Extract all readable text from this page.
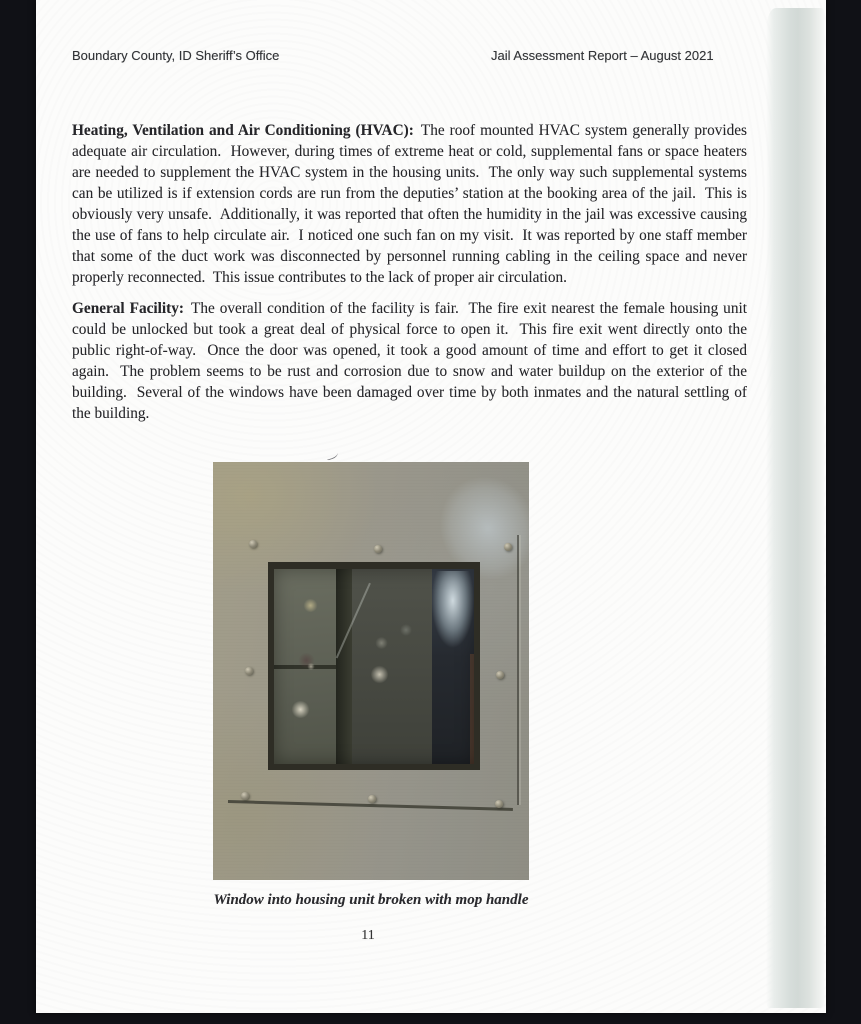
Boundary County, ID Sheriff’s Office	Jail Assessment Report – August 2021

Heating, Ventilation and Air Conditioning (HVAC): The roof mounted HVAC system generally provides adequate air circulation.  However, during times of extreme heat or cold, supplemental fans or space heaters are needed to supplement the HVAC system in the housing units.  The only way such supplemental systems can be utilized is if extension cords are run from the deputies’ station at the booking area of the jail.  This is obviously very unsafe.  Additionally, it was reported that often the humidity in the jail was excessive causing the use of fans to help circulate air.  I noticed one such fan on my visit.  It was reported by one staff member that some of the duct work was disconnected by personnel running cabling in the ceiling space and never properly reconnected.  This issue contributes to the lack of proper air circulation.

General Facility: The overall condition of the facility is fair.  The fire exit nearest the female housing unit could be unlocked but took a great deal of physical force to open it.  This fire exit went directly onto the public right-of-way.  Once the door was opened, it took a good amount of time and effort to get it closed again.  The problem seems to be rust and corrosion due to snow and water buildup on the exterior of the building.  Several of the windows have been damaged over time by both inmates and the natural settling of the building.

Window into housing unit broken with mop handle
11
